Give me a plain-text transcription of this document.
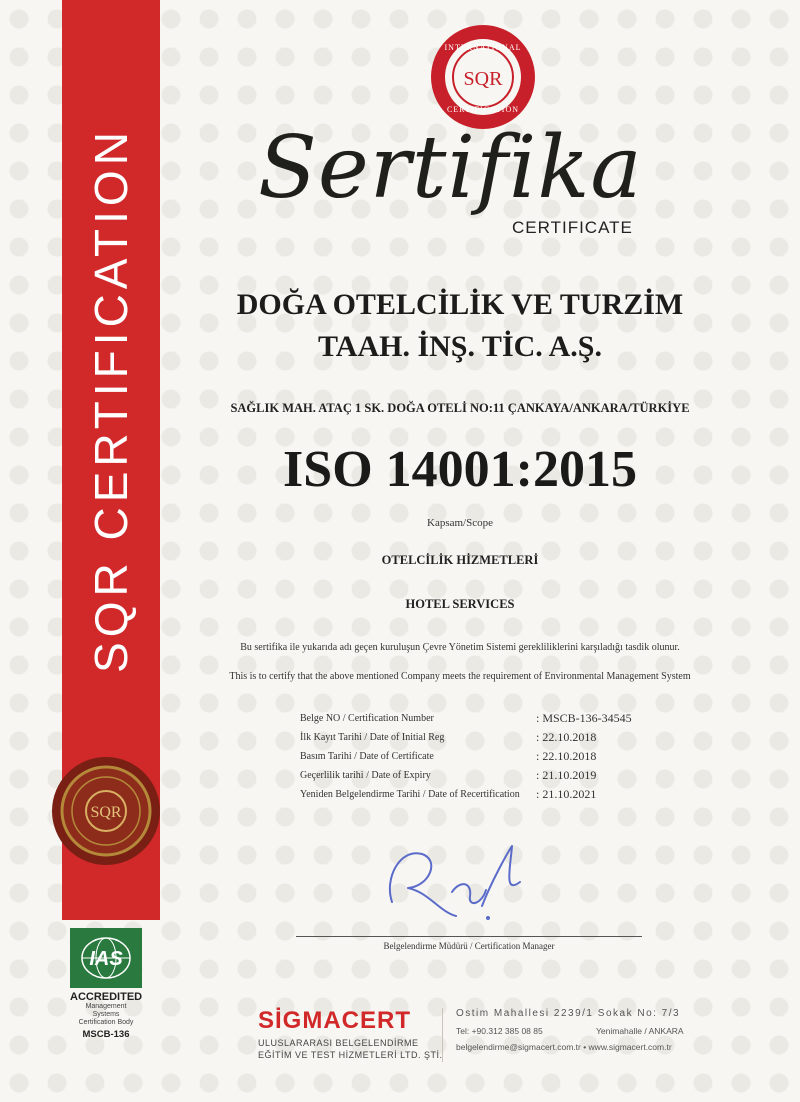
SQR CERTIFICATION
SQR
INTERNATIONAL
SQR
CERTIFICATION
Sertifika
CERTIFICATE
DOĞA OTELCİLİK VE TURZİM
TAAH. İNŞ. TİC. A.Ş.
SAĞLIK MAH. ATAÇ 1 SK. DOĞA OTELİ NO:11 ÇANKAYA/ANKARA/TÜRKİYE
ISO 14001:2015
Kapsam/Scope
OTELCİLİK HİZMETLERİ
HOTEL SERVICES
Bu sertifika ile yukarıda adı geçen kuruluşun Çevre Yönetim Sistemi gerekliliklerini karşıladığı tasdik olunur.
This is to certify that the above mentioned Company meets the requirement of Environmental Management System
Belge NO / Certification Number	: MSCB-136-34545
İlk Kayıt Tarihi / Date of Initial Reg	: 22.10.2018
Basım Tarihi / Date of Certificate	: 22.10.2018
Geçerlilik tarihi / Date of Expiry	: 21.10.2019
Yeniden Belgelendirme Tarihi / Date of Recertification : 21.10.2021
Belgelendirme Müdürü / Certification Manager
IAS
ACCREDITED
Management
Systems
Certification Body
MSCB-136
SİGMACERT
ULUSLARARASI BELGELENDİRME
EĞİTİM VE TEST HİZMETLERİ LTD. ŞTİ.
Ostim Mahallesi 2239/1 Sokak No: 7/3
Tel: +90.312 385 08 85	Yenimahalle / ANKARA
belgelendirme@sigmacert.com.tr • www.sigmacert.com.tr
